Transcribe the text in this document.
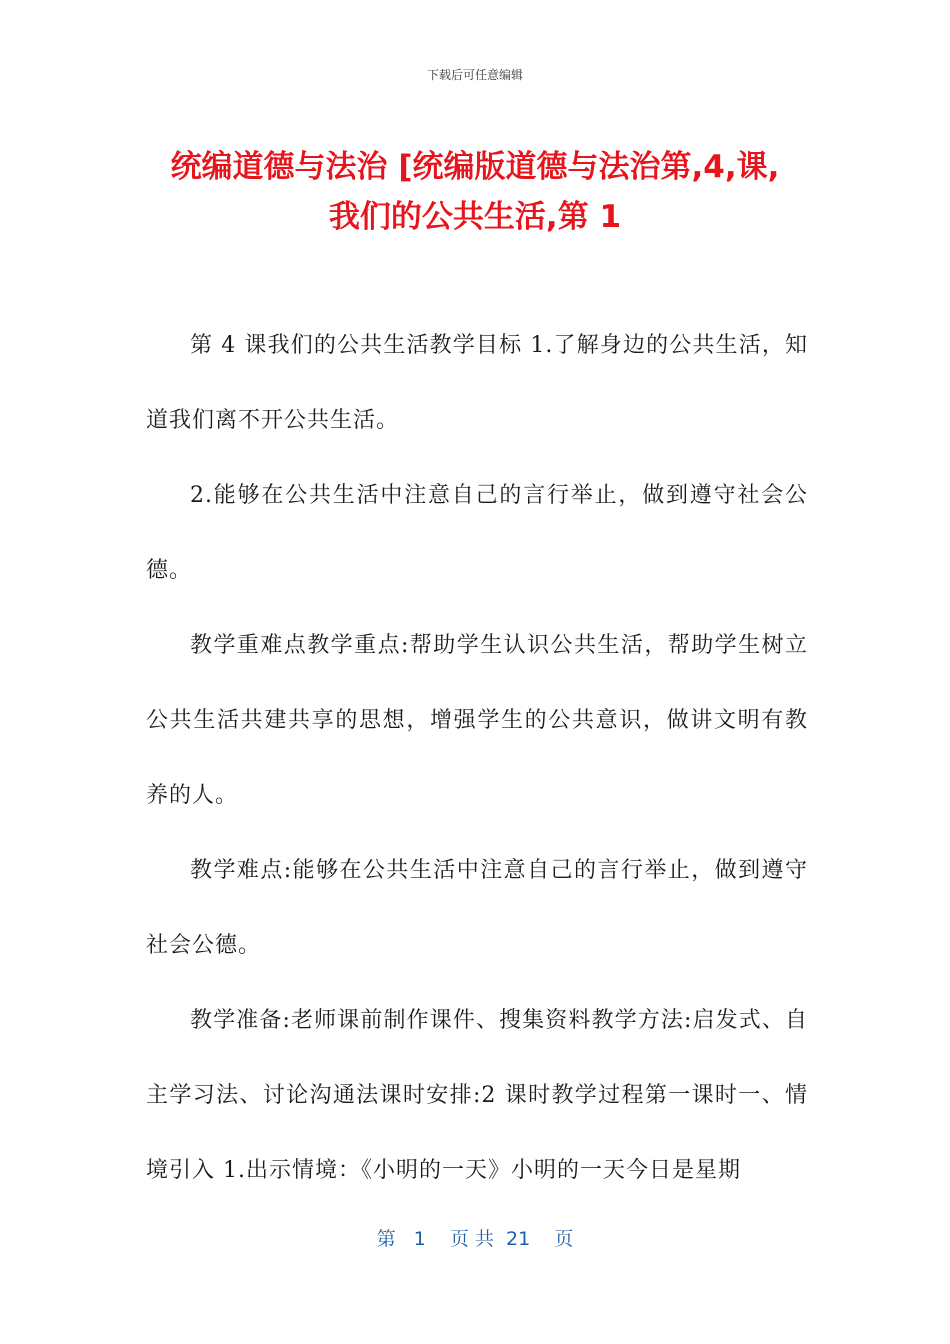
下载后可任意编辑
统编道德与法治 [统编版道德与法治第,4,课,
我们的公共生活,第 1

第 4 课我们的公共生活教学目标 1.了解身边的公共生活，知道我们离不开公共生活。

2.能够在公共生活中注意自己的言行举止，做到遵守社会公德。

教学重难点教学重点:帮助学生认识公共生活，帮助学生树立公共生活共建共享的思想，增强学生的公共意识，做讲文明有教养的人。

教学难点:能够在公共生活中注意自己的言行举止，做到遵守社会公德。

教学准备:老师课前制作课件、搜集资料教学方法:启发式、自主学习法、讨论沟通法课时安排:2 课时教学过程第一课时一、情境引入 1.出示情境：《小明的一天》小明的一天今日是星期

第   1    页 共  21    页
